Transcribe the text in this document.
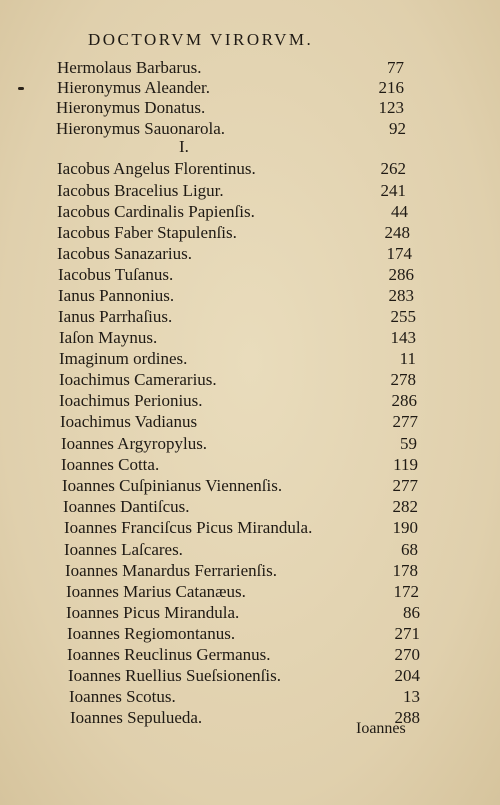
DOCTORVM VIRORVM.
Hermolaus Barbarus.	77
Hieronymus Aleander.	216
Hieronymus Donatus.	123
Hieronymus Sauonarola.	92
Iacobus Angelus Florentinus.	262
Iacobus Bracelius Ligur.	241
Iacobus Cardinalis Papienſis.	44
Iacobus Faber Stapulenſis.	248
Iacobus Sanazarius.	174
Iacobus Tuſanus.	286
Ianus Pannonius.	283
Ianus Parrhaſius.	255
Iaſon Maynus.	143
Imaginum ordines.	11
Ioachimus Camerarius.	278
Ioachimus Perionius.	286
Ioachimus Vadianus	277
Ioannes Argyropylus.	59
Ioannes Cotta.	119
Ioannes Cuſpinianus Viennenſis.	277
Ioannes Dantiſcus.	282
Ioannes Franciſcus Picus Mirandula.	190
Ioannes Laſcares.	68
Ioannes Manardus Ferrarienſis.	178
Ioannes Marius Catanæus.	172
Ioannes Picus Mirandula.	86
Ioannes Regiomontanus.	271
Ioannes Reuclinus Germanus.	270
Ioannes Ruellius Sueſsionenſis.	204
Ioannes Scotus.	13
Ioannes Sepulueda.	288
I.
Ioannes
